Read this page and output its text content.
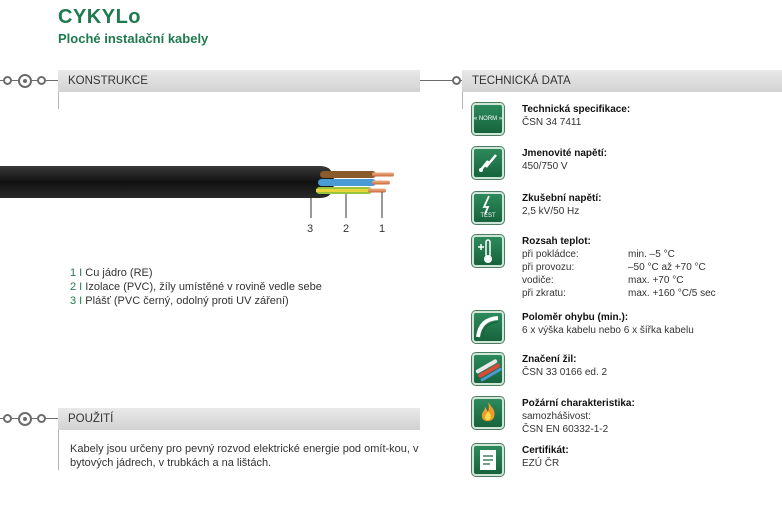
CYKYLo
Ploché instalační kabely
KONSTRUKCE
3	2	1
1 I Cu jádro (RE)
2 I Izolace (PVC), žíly umístěné v rovině vedle sebe
3 I Plášť (PVC černý, odolný proti UV záření)
POUŽITÍ
Kabely jsou určeny pro pevný rozvod elektrické energie pod omít-kou, v bytových jádrech, v trubkách a na lištách.
TECHNICKÁ DATA
« NORM »
Technická specifikace:
ČSN 34 7411
Jmenovité napětí:
450/750 V
TEST
Zkušební napětí:
2,5 kV/50 Hz
Rozsah teplot:
při pokládce:	min. –5 °C
při provozu:	–50 °C až +70 °C
vodiče:	max. +70 °C
při zkratu:	max. +160 °C/5 sec
Poloměr ohybu (min.):
6 x výška kabelu nebo 6 x šířka kabelu
Značení žil:
ČSN 33 0166 ed. 2
Požární charakteristika:
samozhášivost:
ČSN EN 60332-1-2
Certifikát:
EZÚ ČR
